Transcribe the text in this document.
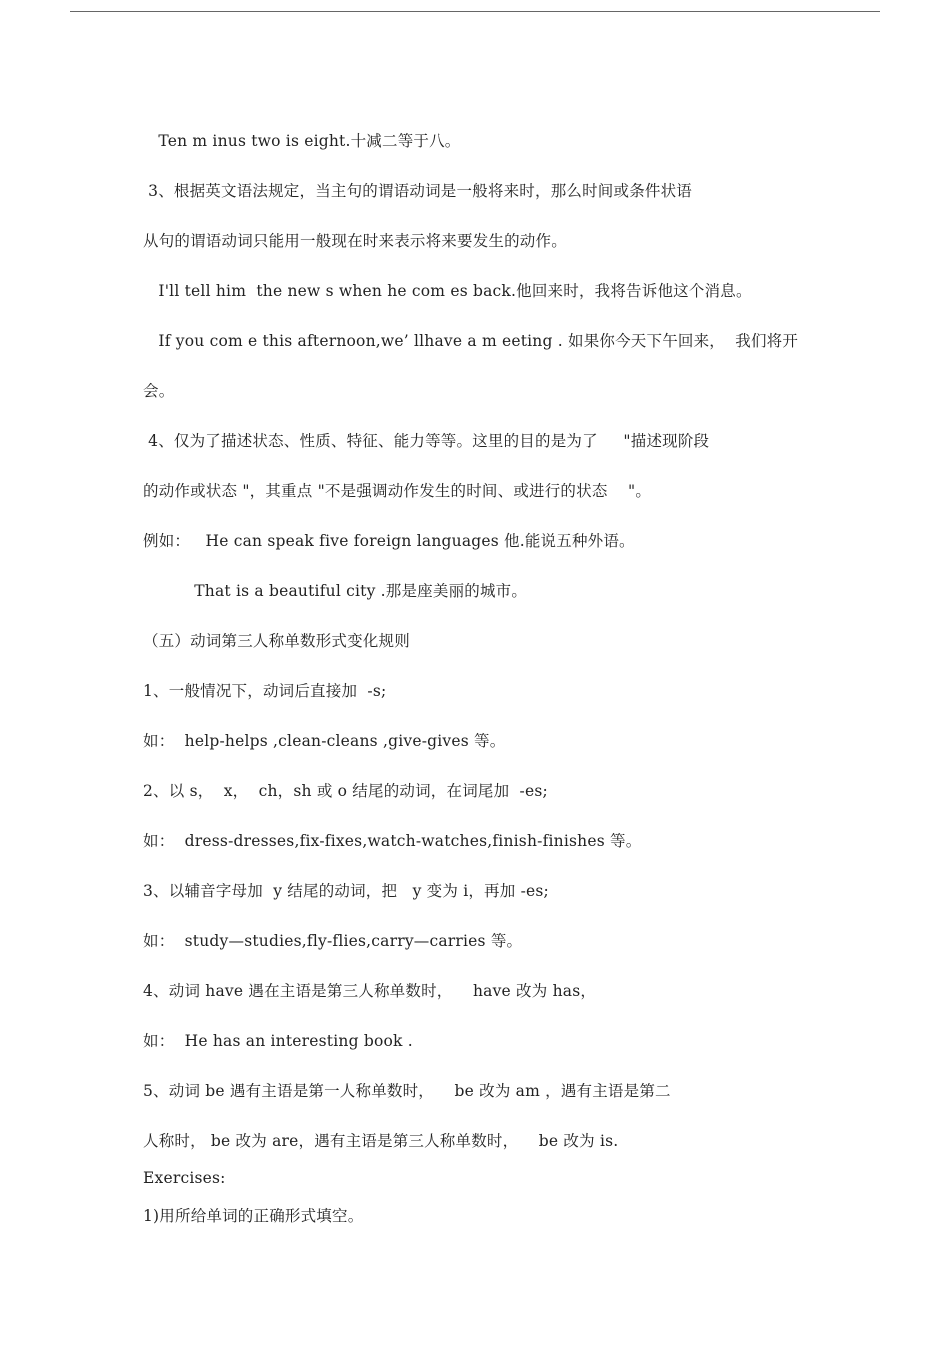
Ten m inus two is eight.十减二等于八。
3、根据英文语法规定，当主句的谓语动词是一般将来时，那么时间或条件状语
从句的谓语动词只能用一般现在时来表示将来要发生的动作。
I'll tell him  the new s when he com es back.他回来时，我将告诉他这个消息。
If you com e this afternoon,we’ llhave a m eeting . 如果你今天下午回来，  我们将开
会。
4、仅为了描述状态、性质、特征、能力等等。这里的目的是为了     "描述现阶段
的动作或状态 "，其重点 "不是强调动作发生的时间、或进行的状态    "。
例如：   He can speak five foreign languages 他.能说五种外语。
That is a beautiful city .那是座美丽的城市。
（五）动词第三人称单数形式变化规则
1、一般情况下，动词后直接加  -s;
如：  help-helps ,clean-cleans ,give-gives 等。
2、以 s，  x，  ch，sh 或 o 结尾的动词，在词尾加  -es;
如：  dress-dresses,fix-fixes,watch-watches,finish-finishes 等。
3、以辅音字母加  y 结尾的动词，把   y 变为 i，再加 -es;
如：  study—studies,fly-flies,carry—carries 等。
4、动词 have 遇在主语是第三人称单数时，    have 改为 has，
如：  He has an interesting book .
5、动词 be 遇有主语是第一人称单数时，    be 改为 am ，遇有主语是第二
人称时， be 改为 are，遇有主语是第三人称单数时，    be 改为 is.
Exercises:
1)用所给单词的正确形式填空。
